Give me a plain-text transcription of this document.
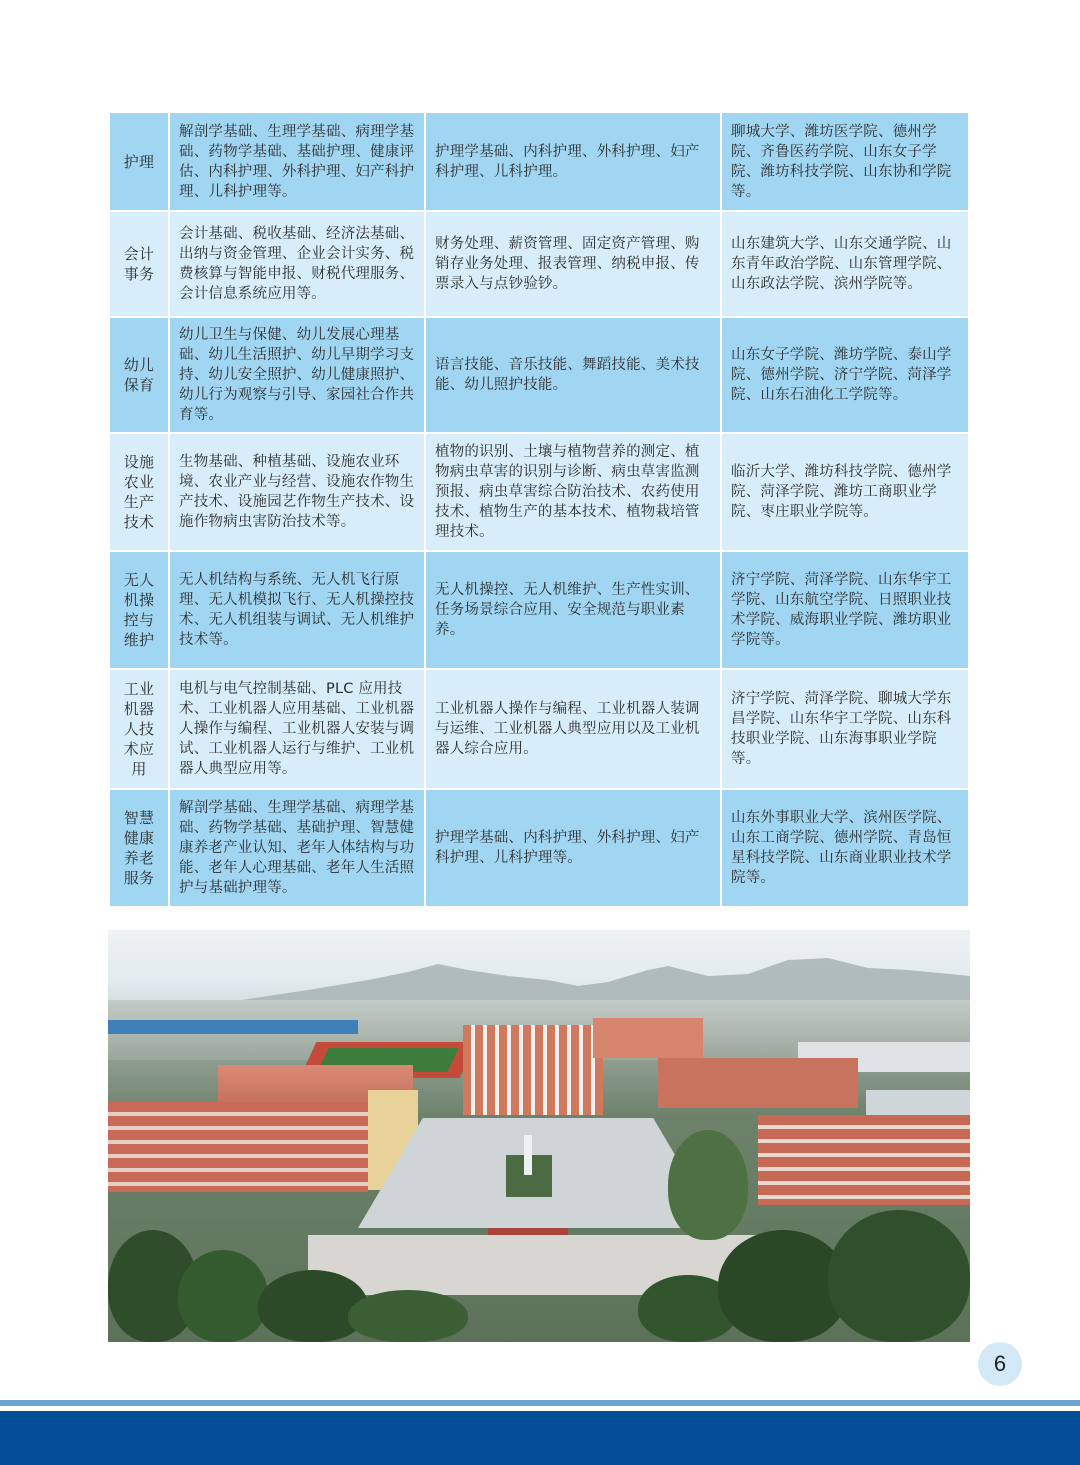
护理	解剖学基础、生理学基础、病理学基础、药物学基础、基础护理、健康评估、内科护理、外科护理、妇产科护理、儿科护理等。	护理学基础、内科护理、外科护理、妇产科护理、儿科护理。	聊城大学、潍坊医学院、德州学院、齐鲁医药学院、山东女子学院、潍坊科技学院、山东协和学院等。
会计事务	会计基础、税收基础、经济法基础、出纳与资金管理、企业会计实务、税费核算与智能申报、财税代理服务、会计信息系统应用等。	财务处理、薪资管理、固定资产管理、购销存业务处理、报表管理、纳税申报、传票录入与点钞验钞。	山东建筑大学、山东交通学院、山东青年政治学院、山东管理学院、山东政法学院、滨州学院等。
幼儿保育	幼儿卫生与保健、幼儿发展心理基础、幼儿生活照护、幼儿早期学习支持、幼儿安全照护、幼儿健康照护、幼儿行为观察与引导、家园社合作共育等。	语言技能、音乐技能、舞蹈技能、美术技能、幼儿照护技能。	山东女子学院、潍坊学院、泰山学院、德州学院、济宁学院、菏泽学院、山东石油化工学院等。
设施农业生产技术	生物基础、种植基础、设施农业环境、农业产业与经营、设施农作物生产技术、设施园艺作物生产技术、设施作物病虫害防治技术等。	植物的识别、土壤与植物营养的测定、植物病虫草害的识别与诊断、病虫草害监测预报、病虫草害综合防治技术、农药使用技术、植物生产的基本技术、植物栽培管理技术。	临沂大学、潍坊科技学院、德州学院、菏泽学院、潍坊工商职业学院、枣庄职业学院等。
无人机操控与维护	无人机结构与系统、无人机飞行原理、无人机模拟飞行、无人机操控技术、无人机组装与调试、无人机维护技术等。	无人机操控、无人机维护、生产性实训、任务场景综合应用、安全规范与职业素养。	济宁学院、菏泽学院、山东华宇工学院、山东航空学院、日照职业技术学院、威海职业学院、潍坊职业学院等。
工业机器人技术应用	电机与电气控制基础、PLC 应用技术、工业机器人应用基础、工业机器人操作与编程、工业机器人安装与调试、工业机器人运行与维护、工业机器人典型应用等。	工业机器人操作与编程、工业机器人装调与运维、工业机器人典型应用以及工业机器人综合应用。	济宁学院、菏泽学院、聊城大学东昌学院、山东华宇工学院、山东科技职业学院、山东海事职业学院等。
智慧健康养老服务	解剖学基础、生理学基础、病理学基础、药物学基础、基础护理、智慧健康养老产业认知、老年人体结构与功能、老年人心理基础、老年人生活照护与基础护理等。	护理学基础、内科护理、外科护理、妇产科护理、儿科护理等。	山东外事职业大学、滨州医学院、山东工商学院、德州学院、青岛恒星科技学院、山东商业职业技术学院等。
6
